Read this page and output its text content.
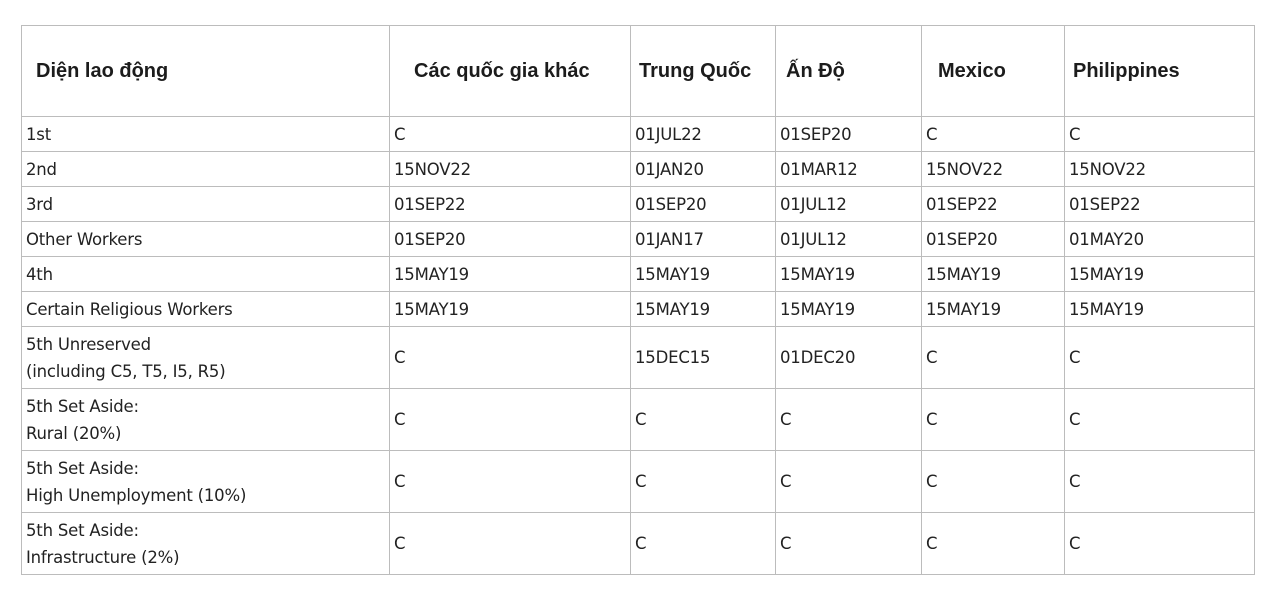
Diện lao động	Các quốc gia khác	Trung Quốc	Ấn Độ	Mexico	Philippines

1st	C	01JUL22	01SEP20	C	C

2nd	15NOV22	01JAN20	01MAR12	15NOV22	15NOV22

3rd	01SEP22	01SEP20	01JUL12	01SEP22	01SEP22

Other Workers	01SEP20	01JAN17	01JUL12	01SEP20	01MAY20

4th	15MAY19	15MAY19	15MAY19	15MAY19	15MAY19

Certain Religious Workers	15MAY19	15MAY19	15MAY19	15MAY19	15MAY19

5th Unreserved
(including C5, T5, I5, R5)	C	15DEC15	01DEC20	C	C

5th Set Aside:
Rural (20%)	C	C	C	C	C

5th Set Aside:
High Unemployment (10%)	C	C	C	C	C

5th Set Aside:
Infrastructure (2%)	C	C	C	C	C
